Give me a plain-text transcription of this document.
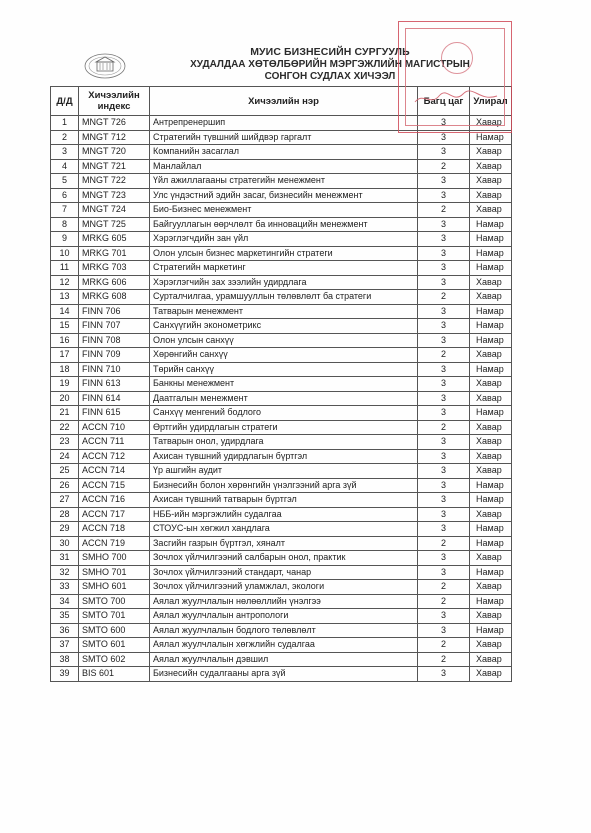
МУИС БИЗНЕСИЙН СУРГУУЛЬ
ХУДАЛДАА ХӨТӨЛБӨРИЙН МЭРГЭЖЛИЙН МАГИСТРЫН
СОНГОН СУДЛАХ ХИЧЭЭЛ
Д/Д	Хичээлийн индекс	Хичээлийн нэр	Багц цаг	Улирал
1	MNGT 726	Антрепренершип	3	Хавар
2	MNGT 712	Стратегийн түвшний шийдвэр гаргалт	3	Намар
3	MNGT 720	Компанийн засаглал	3	Хавар
4	MNGT 721	Манлайлал	2	Хавар
5	MNGT 722	Үйл ажиллагааны стратегийн менежмент	3	Хавар
6	MNGT 723	Улс үндэстний эдийн засаг, бизнесийн менежмент	3	Хавар
7	MNGT 724	Био-Бизнес менежмент	2	Хавар
8	MNGT 725	Байгууллагын өөрчлөлт ба инновацийн менежмент	3	Намар
9	MRKG 605	Хэрэглэгчдийн зан үйл	3	Намар
10	MRKG 701	Олон улсын бизнес маркетингийн стратеги	3	Намар
11	MRKG 703	Стратегийн маркетинг	3	Намар
12	MRKG 606	Хэрэглэгчийн зах зээлийн удирдлага	3	Хавар
13	MRKG 608	Сурталчилгаа, урамшууллын төлөвлөлт ба стратеги	2	Хавар
14	FINN 706	Татварын менежмент	3	Намар
15	FINN 707	Санхүүгийн эконометрикс	3	Намар
16	FINN 708	Олон улсын санхүү	3	Намар
17	FINN 709	Хөрөнгийн санхүү	2	Хавар
18	FINN 710	Төрийн санхүү	3	Намар
19	FINN 613	Банкны менежмент	3	Хавар
20	FINN 614	Даатгалын менежмент	3	Хавар
21	FINN 615	Санхүү менгений бодлого	3	Намар
22	ACCN 710	Өртгийн удирдлагын стратеги	2	Хавар
23	ACCN 711	Татварын онол, удирдлага	3	Хавар
24	ACCN 712	Ахисан түвшний удирдлагын бүртгэл	3	Хавар
25	ACCN 714	Үр ашгийн аудит	3	Хавар
26	ACCN 715	Бизнесийн болон хөрөнгийн үнэлгээний арга зүй	3	Намар
27	ACCN 716	Ахисан түвшний татварын бүртгэл	3	Намар
28	ACCN 717	НББ-ийн мэргэжлийн судалгаа	3	Хавар
29	ACCN 718	СТОУС-ын хөгжил хандлага	3	Намар
30	ACCN 719	Засгийн газрын бүртгэл, хяналт	2	Намар
31	SMHO 700	Зочлох үйлчилгээний салбарын онол, практик	3	Хавар
32	SMHO 701	Зочлох үйлчилгээний стандарт, чанар	3	Намар
33	SMHO 601	Зочлох үйлчилгээний уламжлал, экологи	2	Хавар
34	SMTO 700	Аялал жуулчлалын нөлөөллийн үнэлгээ	2	Намар
35	SMTO 701	Аялал жуулчлалын антропологи	3	Хавар
36	SMTO 600	Аялал жуулчлалын бодлого төлөвлөлт	3	Намар
37	SMTO 601	Аялал жуулчлалын хөгжлийн судалгаа	2	Хавар
38	SMTO 602	Аялал жуулчлалын дэвшил	2	Хавар
39	BIS 601	Бизнесийн судалгааны арга зүй	3	Хавар
